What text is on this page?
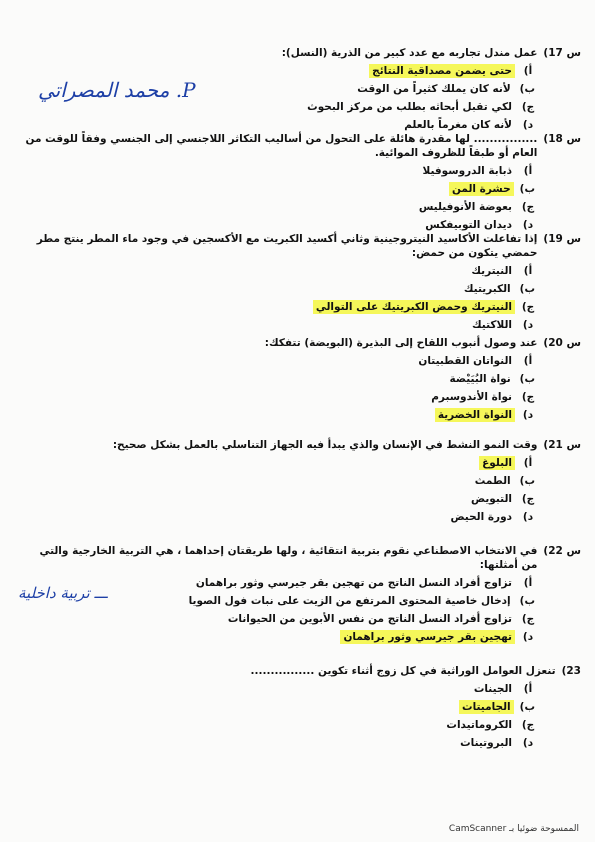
س 17)
عمل مندل تجاربه مع عدد كبير من الذرية (النسل):
أ)
حتى يضمن مصداقية النتائج
ب)
لأنه كان يملك كثيراً من الوقت
ج)
لكي تقبل أبحاثه بطلب من مركز البحوث
د)
لأنه كان مغرماً بالعلم
P. محمد المصراتي
س 18)
................ لها مقدرة هائلة على التحول من أساليب التكاثر اللاجنسي إلى الجنسي وفقاً للوقت من العام أو طبقاً للظروف الموائية.
أ)
ذبابة الدروسوفيلا
ب)
حشرة المن
ج)
بعوضة الأنوفيليس
د)
ديدان التوبيفكس
س 19)
إذا تفاعلت الأكاسيد النيتروجينية وثاني أكسيد الكبريت مع الأكسجين في وجود ماء المطر ينتج مطر حمضي يتكون من حمض:
أ)
النيتريك
ب)
الكبريتيك
ج)
النيتريك وحمض الكبريتيك على التوالي
د)
اللاكتيك
س 20)
عند وصول أنبوب اللقاح إلى البذيرة (البويضة) تتفكك:
أ)
النواتان القطبيتان
ب)
نواة البُيَيْضة
ج)
نواة الأندوسبرم
د)
النواة الخضرية
س 21)
وقت النمو النشط في الإنسان والذي يبدأ فيه الجهاز التناسلي بالعمل بشكل صحيح:
أ)
البلوغ
ب)
الطمث
ج)
التبويض
د)
دورة الحيض
س 22)
في الانتخاب الاصطناعي نقوم بتربية انتقائية ، ولها طريقتان إحداهما ، هي التربية الخارجية والتي من أمثلتها:
أ)
تزاوج أفراد النسل الناتج من تهجين بقر جيرسي وثور براهمان
ب)
إدخال خاصية المحتوى المرتفع من الزيت على نبات فول الصويا
ج)
تزاوج أفراد النسل الناتج من نفس الأبوين من الحيوانات
د)
تهجين بقر جيرسي وثور براهمان
ـــ تربية داخلية
23)
تنعزل العوامل الوراثية في كل زوج أثناء تكوين ................
أ)
الجينات
ب)
الجاميتات
ج)
الكروماتيدات
د)
البروتينات
الممسوحة ضوئيا بـ CamScanner
